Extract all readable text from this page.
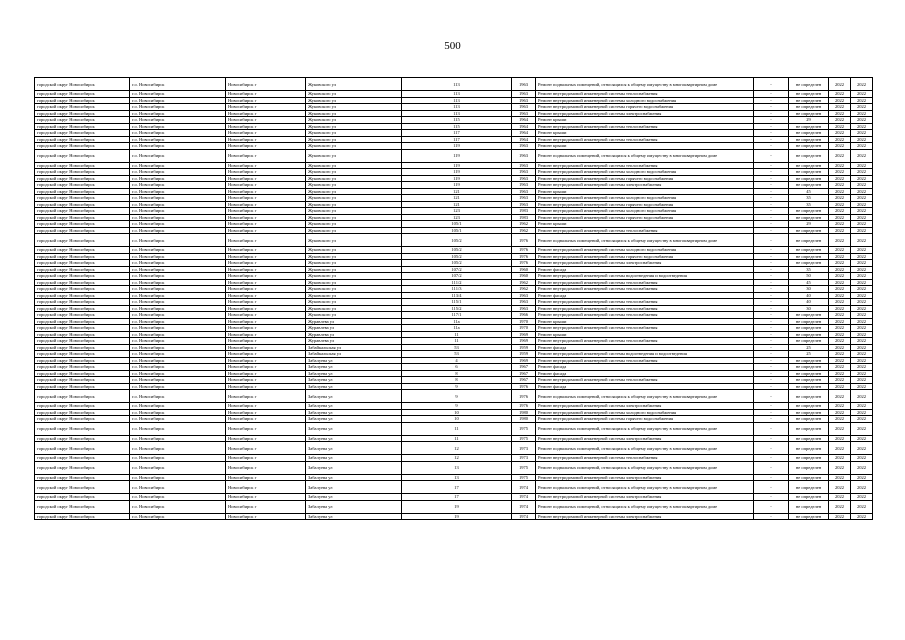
500
городской округ Новосибирск	г.о. Новосибирск	Новосибирск г	Жуковского ул	113	1963	Ремонт подвальных помещений, относящихся к общему имуществу в многоквартирном доме	-	не определен	2022	2022
городской округ Новосибирск	г.о. Новосибирск	Новосибирск г	Жуковского ул	113	1963	Ремонт внутридомовой инженерной системы теплоснабжения	-	не определен	2022	2022
городской округ Новосибирск	г.о. Новосибирск	Новосибирск г	Жуковского ул	113	1963	Ремонт внутридомовой инженерной системы холодного водоснабжения	-	не определен	2022	2022
городской округ Новосибирск	г.о. Новосибирск	Новосибирск г	Жуковского ул	113	1963	Ремонт внутридомовой инженерной системы горячего водоснабжения	-	не определен	2022	2022
городской округ Новосибирск	г.о. Новосибирск	Новосибирск г	Жуковского ул	113	1963	Ремонт внутридомовой инженерной системы электроснабжения	-	не определен	2022	2022
городской округ Новосибирск	г.о. Новосибирск	Новосибирск г	Жуковского ул	115	1964	Ремонт крыши	-	29	2022	2022
городской округ Новосибирск	г.о. Новосибирск	Новосибирск г	Жуковского ул	115	1964	Ремонт внутридомовой инженерной системы теплоснабжения	-	не определен	2022	2022
городской округ Новосибирск	г.о. Новосибирск	Новосибирск г	Жуковского ул	117	1964	Ремонт крыши	-	не определен	2022	2022
городской округ Новосибирск	г.о. Новосибирск	Новосибирск г	Жуковского ул	117	1964	Ремонт внутридомовой инженерной системы теплоснабжения	-	не определен	2022	2022
городской округ Новосибирск	г.о. Новосибирск	Новосибирск г	Жуковского ул	119	1963	Ремонт крыши	-	не определен	2022	2022
городской округ Новосибирск	г.о. Новосибирск	Новосибирск г	Жуковского ул	119	1963	Ремонт подвальных помещений, относящихся к общему имуществу в многоквартирном доме	-	не определен	2022	2022
городской округ Новосибирск	г.о. Новосибирск	Новосибирск г	Жуковского ул	119	1963	Ремонт внутридомовой инженерной системы теплоснабжения	-	не определен	2022	2022
городской округ Новосибирск	г.о. Новосибирск	Новосибирск г	Жуковского ул	119	1963	Ремонт внутридомовой инженерной системы холодного водоснабжения	-	не определен	2022	2022
городской округ Новосибирск	г.о. Новосибирск	Новосибирск г	Жуковского ул	119	1963	Ремонт внутридомовой инженерной системы горячего водоснабжения	-	не определен	2022	2022
городской округ Новосибирск	г.о. Новосибирск	Новосибирск г	Жуковского ул	119	1963	Ремонт внутридомовой инженерной системы электроснабжения	-	не определен	2022	2022
городской округ Новосибирск	г.о. Новосибирск	Новосибирск г	Жуковского ул	121	1963	Ремонт крыши	-	45	2022	2022
городской округ Новосибирск	г.о. Новосибирск	Новосибирск г	Жуковского ул	121	1963	Ремонт внутридомовой инженерной системы холодного водоснабжения	-	35	2022	2022
городской округ Новосибирск	г.о. Новосибирск	Новосибирск г	Жуковского ул	121	1963	Ремонт внутридомовой инженерной системы горячего водоснабжения	-	35	2022	2022
городской округ Новосибирск	г.о. Новосибирск	Новосибирск г	Жуковского ул	123	1983	Ремонт внутридомовой инженерной системы холодного водоснабжения	-	не определен	2022	2022
городской округ Новосибирск	г.о. Новосибирск	Новосибирск г	Жуковского ул	123	1983	Ремонт внутридомовой инженерной системы горячего водоснабжения	-	не определен	2022	2022
городской округ Новосибирск	г.о. Новосибирск	Новосибирск г	Жуковского ул	105/1	1962	Ремонт крыши	-	29	2022	2022
городской округ Новосибирск	г.о. Новосибирск	Новосибирск г	Жуковского ул	105/1	1962	Ремонт внутридомовой инженерной системы теплоснабжения	-	не определен	2022	2022
городской округ Новосибирск	г.о. Новосибирск	Новосибирск г	Жуковского ул	105/2	1976	Ремонт подвальных помещений, относящихся к общему имуществу в многоквартирном доме	-	не определен	2022	2022
городской округ Новосибирск	г.о. Новосибирск	Новосибирск г	Жуковского ул	105/2	1976	Ремонт внутридомовой инженерной системы холодного водоснабжения	-	не определен	2022	2022
городской округ Новосибирск	г.о. Новосибирск	Новосибирск г	Жуковского ул	105/2	1976	Ремонт внутридомовой инженерной системы горячего водоснабжения	-	не определен	2022	2022
городской округ Новосибирск	г.о. Новосибирск	Новосибирск г	Жуковского ул	105/2	1976	Ремонт внутридомовой инженерной системы электроснабжения	-	не определен	2022	2022
городской округ Новосибирск	г.о. Новосибирск	Новосибирск г	Жуковского ул	107/2	1960	Ремонт фасада	-	35	2022	2022
городской округ Новосибирск	г.о. Новосибирск	Новосибирск г	Жуковского ул	107/2	1960	Ремонт внутридомовой инженерной системы водоотведения и водоотведения	-	50	2022	2022
городской округ Новосибирск	г.о. Новосибирск	Новосибирск г	Жуковского ул	111/2	1962	Ремонт внутридомовой инженерной системы теплоснабжения	-	45	2022	2022
городской округ Новосибирск	г.о. Новосибирск	Новосибирск г	Жуковского ул	111/3	1962	Ремонт внутридомовой инженерной системы теплоснабжения	-	30	2022	2022
городской округ Новосибирск	г.о. Новосибирск	Новосибирск г	Жуковского ул	113/4	1963	Ремонт фасада	-	40	2022	2022
городской округ Новосибирск	г.о. Новосибирск	Новосибирск г	Жуковского ул	115/1	1963	Ремонт внутридомовой инженерной системы теплоснабжения	-	40	2022	2022
городской округ Новосибирск	г.о. Новосибирск	Новосибирск г	Жуковского ул	115/2	1963	Ремонт внутридомовой инженерной системы теплоснабжения	-	30	2022	2022
городской округ Новосибирск	г.о. Новосибирск	Новосибирск г	Жуковского ул	117/1	1966	Ремонт внутридомовой инженерной системы теплоснабжения	-	не определен	2022	2022
городской округ Новосибирск	г.о. Новосибирск	Новосибирск г	Журавлева ул	11а	1970	Ремонт крыши	-	не определен	2022	2022
городской округ Новосибирск	г.о. Новосибирск	Новосибирск г	Журавлева ул	11а	1970	Ремонт внутридомовой инженерной системы теплоснабжения	-	не определен	2022	2022
городской округ Новосибирск	г.о. Новосибирск	Новосибирск г	Журавлева ул	11	1969	Ремонт крыши	-	не определен	2022	2022
городской округ Новосибирск	г.о. Новосибирск	Новосибирск г	Журавлева ул	11	1969	Ремонт внутридомовой инженерной системы теплоснабжения	-	не определен	2022	2022
городской округ Новосибирск	г.о. Новосибирск	Новосибирск г	Забайкальская ул	53	1959	Ремонт фасада	-	25	2022	2022
городской округ Новосибирск	г.о. Новосибирск	Новосибирск г	Забайкальская ул	53	1959	Ремонт внутридомовой инженерной системы водоотведения и водоотведения	-	25	2022	2022
городской округ Новосибирск	г.о. Новосибирск	Новосибирск г	Забалуева ул	4	1969	Ремонт внутридомовой инженерной системы теплоснабжения	-	не определен	2022	2022
городской округ Новосибирск	г.о. Новосибирск	Новосибирск г	Забалуева ул	6	1967	Ремонт фасада	-	не определен	2022	2022
городской округ Новосибирск	г.о. Новосибирск	Новосибирск г	Забалуева ул	8	1967	Ремонт фасада	-	не определен	2022	2022
городской округ Новосибирск	г.о. Новосибирск	Новосибирск г	Забалуева ул	8	1967	Ремонт внутридомовой инженерной системы теплоснабжения	-	не определен	2022	2022
городской округ Новосибирск	г.о. Новосибирск	Новосибирск г	Забалуева ул	9	1976	Ремонт фасада	-	не определен	2022	2022
городской округ Новосибирск	г.о. Новосибирск	Новосибирск г	Забалуева ул	9	1976	Ремонт подвальных помещений, относящихся к общему имуществу в многоквартирном доме	-	не определен	2022	2022
городской округ Новосибирск	г.о. Новосибирск	Новосибирск г	Забалуева ул	9	1976	Ремонт внутридомовой инженерной системы электроснабжения	-	не определен	2022	2022
городской округ Новосибирск	г.о. Новосибирск	Новосибирск г	Забалуева ул	10	1980	Ремонт внутридомовой инженерной системы холодного водоснабжения	-	не определен	2022	2022
городской округ Новосибирск	г.о. Новосибирск	Новосибирск г	Забалуева ул	10	1980	Ремонт внутридомовой инженерной системы горячего водоснабжения	-	не определен	2022	2022
городской округ Новосибирск	г.о. Новосибирск	Новосибирск г	Забалуева ул	11	1975	Ремонт подвальных помещений, относящихся к общему имуществу в многоквартирном доме	-	не определен	2022	2022
городской округ Новосибирск	г.о. Новосибирск	Новосибирск г	Забалуева ул	11	1975	Ремонт внутридомовой инженерной системы электроснабжения	-	не определен	2022	2022
городской округ Новосибирск	г.о. Новосибирск	Новосибирск г	Забалуева ул	12	1973	Ремонт подвальных помещений, относящихся к общему имуществу в многоквартирном доме	-	не определен	2022	2022
городской округ Новосибирск	г.о. Новосибирск	Новосибирск г	Забалуева ул	12	1973	Ремонт внутридомовой инженерной системы теплоснабжения	-	не определен	2022	2022
городской округ Новосибирск	г.о. Новосибирск	Новосибирск г	Забалуева ул	13	1975	Ремонт подвальных помещений, относящихся к общему имуществу в многоквартирном доме	-	не определен	2022	2022
городской округ Новосибирск	г.о. Новосибирск	Новосибирск г	Забалуева ул	13	1975	Ремонт внутридомовой инженерной системы электроснабжения	-	не определен	2022	2022
городской округ Новосибирск	г.о. Новосибирск	Новосибирск г	Забалуева ул	17	1974	Ремонт подвальных помещений, относящихся к общему имуществу в многоквартирном доме	-	не определен	2022	2022
городской округ Новосибирск	г.о. Новосибирск	Новосибирск г	Забалуева ул	17	1974	Ремонт внутридомовой инженерной системы электроснабжения	-	не определен	2022	2022
городской округ Новосибирск	г.о. Новосибирск	Новосибирск г	Забалуева ул	19	1974	Ремонт подвальных помещений, относящихся к общему имуществу в многоквартирном доме	-	не определен	2022	2022
городской округ Новосибирск	г.о. Новосибирск	Новосибирск г	Забалуева ул	19	1974	Ремонт внутридомовой инженерной системы электроснабжения	-	не определен	2022	2022
